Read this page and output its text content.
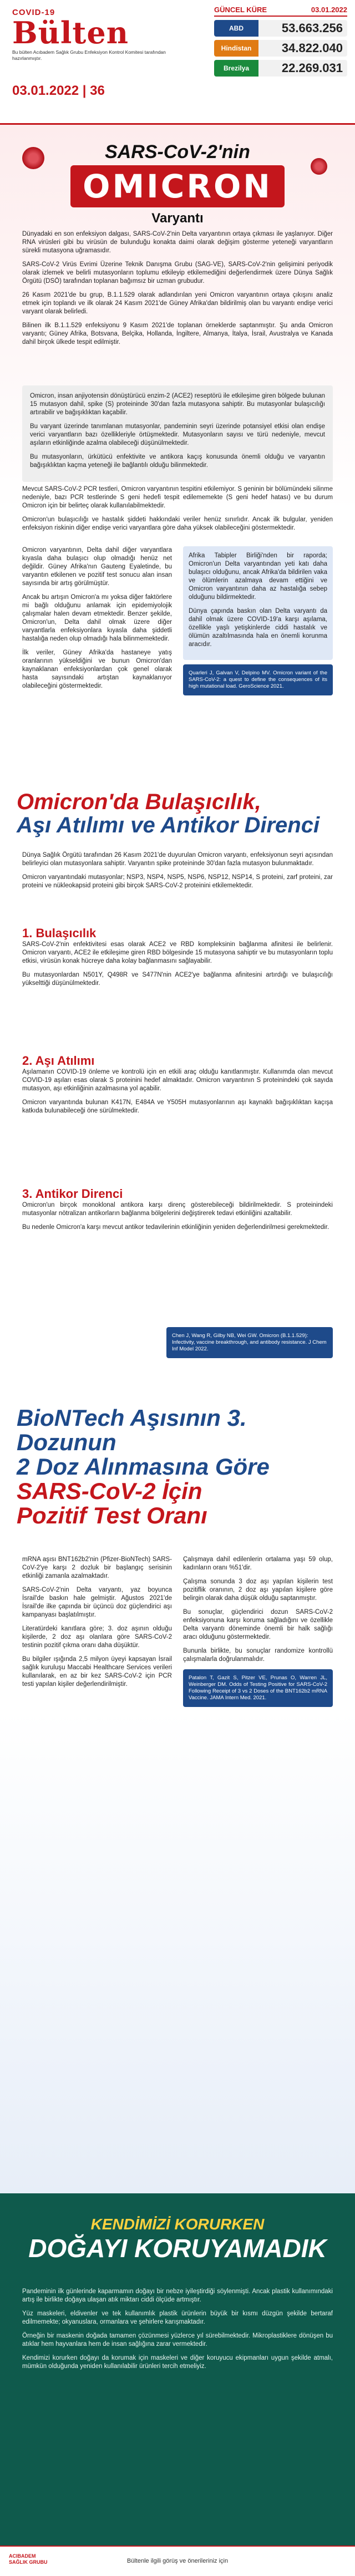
COVID-19
Bülten
Bu bülten Acıbadem Sağlık Grubu Enfeksiyon Kontrol Komitesi tarafından hazırlanmıştır.
03.01.2022 | 36
GÜNCEL KÜRE	03.01.2022
ABD	53.663.256
Hindistan	34.822.040
Brezilya	22.269.031
SARS-CoV-2'nin
OMICRON
Varyantı

Dünyadaki en son enfeksiyon dalgası, SARS-CoV-2'nin Delta varyantının ortaya çıkması ile yaşlanıyor. Diğer RNA virüsleri gibi bu virüsün de bulunduğu konakta daimi olarak değişim gösterme yeteneği varyantların sürekli mutasyona uğramasıdır.

SARS-CoV-2 Virüs Evrimi Üzerine Teknik Danışma Grubu (SAG-VE), SARS-CoV-2'nin gelişimini periyodik olarak izlemek ve belirli mutasyonların toplumu etkileyip etkilemediğini değerlendirmek üzere Dünya Sağlık Örgütü (DSÖ) tarafından toplanan bağımsız bir uzman grubudur.

26 Kasım 2021'de bu grup, B.1.1.529 olarak adlandırılan yeni Omicron varyantının ortaya çıkışını analiz etmek için toplandı ve ilk olarak 24 Kasım 2021'de Güney Afrika'dan bildirilmiş olan bu varyantı endişe verici varyant olarak belirledi.

Bilinen ilk B.1.1.529 enfeksiyonu 9 Kasım 2021'de toplanan örneklerde saptanmıştır. Şu anda Omicron varyantı; Güney Afrika, Botsvana, Belçika, Hollanda, İngiltere, Almanya, İtalya, İsrail, Avustralya ve Kanada dahil birçok ülkede tespit edilmiştir.

Omicron, insan anjiyotensin dönüştürücü enzim-2 (ACE2) reseptörü ile etkileşime giren bölgede bulunan 15 mutasyon dahil, spike (S) proteininde 30'dan fazla mutasyona sahiptir. Bu mutasyonlar bulaşıcılığı artırabilir ve bağışıklıktan kaçabilir.

Bu varyant üzerinde tanımlanan mutasyonlar, pandeminin seyri üzerinde potansiyel etkisi olan endişe verici varyantların bazı özellikleriyle örtüşmektedir. Mutasyonların sayısı ve türü nedeniyle, mevcut aşıların etkinliğinde azalma olabileceği düşünülmektedir.

Bu mutasyonların, ürkütücü enfektivite ve antikora kaçış konusunda önemli olduğu ve varyantın bağışıklıktan kaçma yeteneği ile bağlantılı olduğu bilinmektedir.

Mevcut SARS-CoV-2 PCR testleri, Omicron varyantının tespitini etkilemiyor. S geninin bir bölümündeki silinme nedeniyle, bazı PCR testlerinde S geni hedefi tespit edilememekte (S geni hedef hatası) ve bu durum Omicron için bir belirteç olarak kullanılabilmektedir.

Omicron'un bulaşıcılığı ve hastalık şiddeti hakkındaki veriler henüz sınırlıdır. Ancak ilk bulgular, yeniden enfeksiyon riskinin diğer endişe verici varyantlara göre daha yüksek olabileceğini göstermektedir.

Omicron varyantının, Delta dahil diğer varyantlara kıyasla daha bulaşıcı olup olmadığı henüz net değildir. Güney Afrika'nın Gauteng Eyaletinde, bu varyantın etkilenen ve pozitif test sonucu alan insan sayısında bir artış görülmüştür.

Ancak bu artışın Omicron'a mı yoksa diğer faktörlere mi bağlı olduğunu anlamak için epidemiyolojik çalışmalar halen devam etmektedir. Benzer şekilde, Omicron'un, Delta dahil olmak üzere diğer varyantlarla enfeksiyonlara kıyasla daha şiddetli hastalığa neden olup olmadığı hala bilinmemektedir.

İlk veriler, Güney Afrika'da hastaneye yatış oranlarının yükseldiğini ve bunun Omicron'dan kaynaklanan enfeksiyonlardan çok genel olarak hasta sayısındaki artıştan kaynaklanıyor olabileceğini göstermektedir.

Afrika Tabipler Birliği'nden bir raporda; Omicron'un Delta varyantından yeti katı daha bulaşıcı olduğunu, ancak Afrika'da bildirilen vaka ve ölümlerin azalmaya devam ettiğini ve Omicron varyantının daha az hastalığa sebep olduğunu bildirmektedir.

Dünya çapında baskın olan Delta varyantı da dahil olmak üzere COVID-19'a karşı aşılama, özellikle yaşlı yetişkinlerde ciddi hastalık ve ölümün azaltılmasında hala en önemli korunma aracıdır.

Quarleri J, Galvan V, Delpino MV. Omicron variant of the SARS-CoV-2: a quest to define the consequences of its high mutational load. GeroScience 2021.
Omicron'da Bulaşıcılık,
Aşı Atılımı ve Antikor Direnci

Dünya Sağlık Örgütü tarafından 26 Kasım 2021'de duyurulan Omicron varyantı, enfeksiyonun seyri açısından belirleyici olan mutasyonlara sahiptir. Varyantın spike proteininde 30'dan fazla mutasyon bulunmaktadır.

Omicron varyantındaki mutasyonlar; NSP3, NSP4, NSP5, NSP6, NSP12, NSP14, S proteini, zarf proteini, zar proteini ve nükleokapsid proteini gibi birçok SARS-CoV-2 proteinini etkilemektedir.

1. Bulaşıcılık

SARS-CoV-2'nin enfektivitesi esas olarak ACE2 ve RBD kompleksinin bağlanma afinitesi ile belirlenir. Omicron varyantı, ACE2 ile etkileşime giren RBD bölgesinde 15 mutasyona sahiptir ve bu mutasyonların toplu etkisi, virüsün konak hücreye daha kolay bağlanmasını sağlayabilir.

Bu mutasyonlardan N501Y, Q498R ve S477N'nin ACE2'ye bağlanma afinitesini artırdığı ve bulaşıcılığı yükselttiği düşünülmektedir.

2. Aşı Atılımı

Aşılamanın COVID-19 önleme ve kontrolü için en etkili araç olduğu kanıtlanmıştır. Kullanımda olan mevcut COVID-19 aşıları esas olarak S proteinini hedef almaktadır. Omicron varyantının S proteinindeki çok sayıda mutasyon, aşı etkinliğinin azalmasına yol açabilir.

Omicron varyantında bulunan K417N, E484A ve Y505H mutasyonlarının aşı kaynaklı bağışıklıktan kaçışa katkıda bulunabileceği öne sürülmektedir.

3. Antikor Direnci

Omicron'un birçok monoklonal antikora karşı direnç gösterebileceği bildirilmektedir. S proteinindeki mutasyonlar nötralizan antikorların bağlanma bölgelerini değiştirerek tedavi etkinliğini azaltabilir.

Bu nedenle Omicron'a karşı mevcut antikor tedavilerinin etkinliğinin yeniden değerlendirilmesi gerekmektedir.

Chen J, Wang R, Gilby NB, Wei GW. Omicron (B.1.1.529): Infectivity, vaccine breakthrough, and antibody resistance. J Chem Inf Model 2022.
BioNTech Aşısının 3. Dozunun
2 Doz Alınmasına Göre
SARS-CoV-2 İçin
Pozitif Test Oranı

mRNA aşısı BNT162b2'nin (Pfizer-BioNTech) SARS-CoV-2'ye karşı 2 dozluk bir başlangıç serisinin etkinliği zamanla azalmaktadır.

SARS-CoV-2'nin Delta varyantı, yaz boyunca İsrail'de baskın hale gelmiştir. Ağustos 2021'de İsrail'de ilke çapında bir üçüncü doz güçlendirici aşı kampanyası başlatılmıştır.

Literatürdeki kanıtlara göre; 3. doz aşının olduğu kişilerde, 2 doz aşı olanlara göre SARS-CoV-2 testinin pozitif çıkma oranı daha düşüktür.

Bu bilgiler ışığında 2,5 milyon üyeyi kapsayan İsrail sağlık kuruluşu Maccabi Healthcare Services verileri kullanılarak, en az bir kez SARS-CoV-2 için PCR testi yapılan kişiler değerlendirilmiştir.

Çalışmaya dahil edilenlerin ortalama yaşı 59 olup, kadınların oranı %51'dir.

Çalışma sonunda 3 doz aşı yapılan kişilerin test pozitiflik oranının, 2 doz aşı yapılan kişilere göre belirgin olarak daha düşük olduğu saptanmıştır.

Bu sonuçlar, güçlendirici dozun SARS-CoV-2 enfeksiyonuna karşı koruma sağladığını ve özellikle Delta varyantı döneminde önemli bir halk sağlığı aracı olduğunu göstermektedir.

Bununla birlikte, bu sonuçlar randomize kontrollü çalışmalarla doğrulanmalıdır.

Patalon T, Gazit S, Pitzer VE, Prunas O, Warren JL, Weinberger DM. Odds of Testing Positive for SARS-CoV-2 Following Receipt of 3 vs 2 Doses of the BNT162b2 mRNA Vaccine. JAMA Intern Med. 2021.
KENDİMİZİ KORURKEN
DOĞAYI KORUYAMADIK

Pandeminin ilk günlerinde kaparmamın doğayı bir nebze iyileştirdiği söylenmişti. Ancak plastik kullanımındaki artış ile birlikte doğaya ulaşan atık miktarı ciddi ölçüde artmıştır.

Yüz maskeleri, eldivenler ve tek kullanımlık plastik ürünlerin büyük bir kısmı düzgün şekilde bertaraf edilmemekte; okyanuslara, ormanlara ve şehirlere karışmaktadır.

Örneğin bir maskenin doğada tamamen çözünmesi yüzlerce yıl sürebilmektedir. Mikroplastiklere dönüşen bu atıklar hem hayvanlara hem de insan sağlığına zarar vermektedir.

Kendimizi korurken doğayı da korumak için maskeleri ve diğer koruyucu ekipmanları uygun şekilde atmalı, mümkün olduğunda yeniden kullanılabilir ürünleri tercih etmeliyiz.

ACIBADEM SAĞLIK GRUBU	Bültenle ilgili görüş ve önerileriniz için
